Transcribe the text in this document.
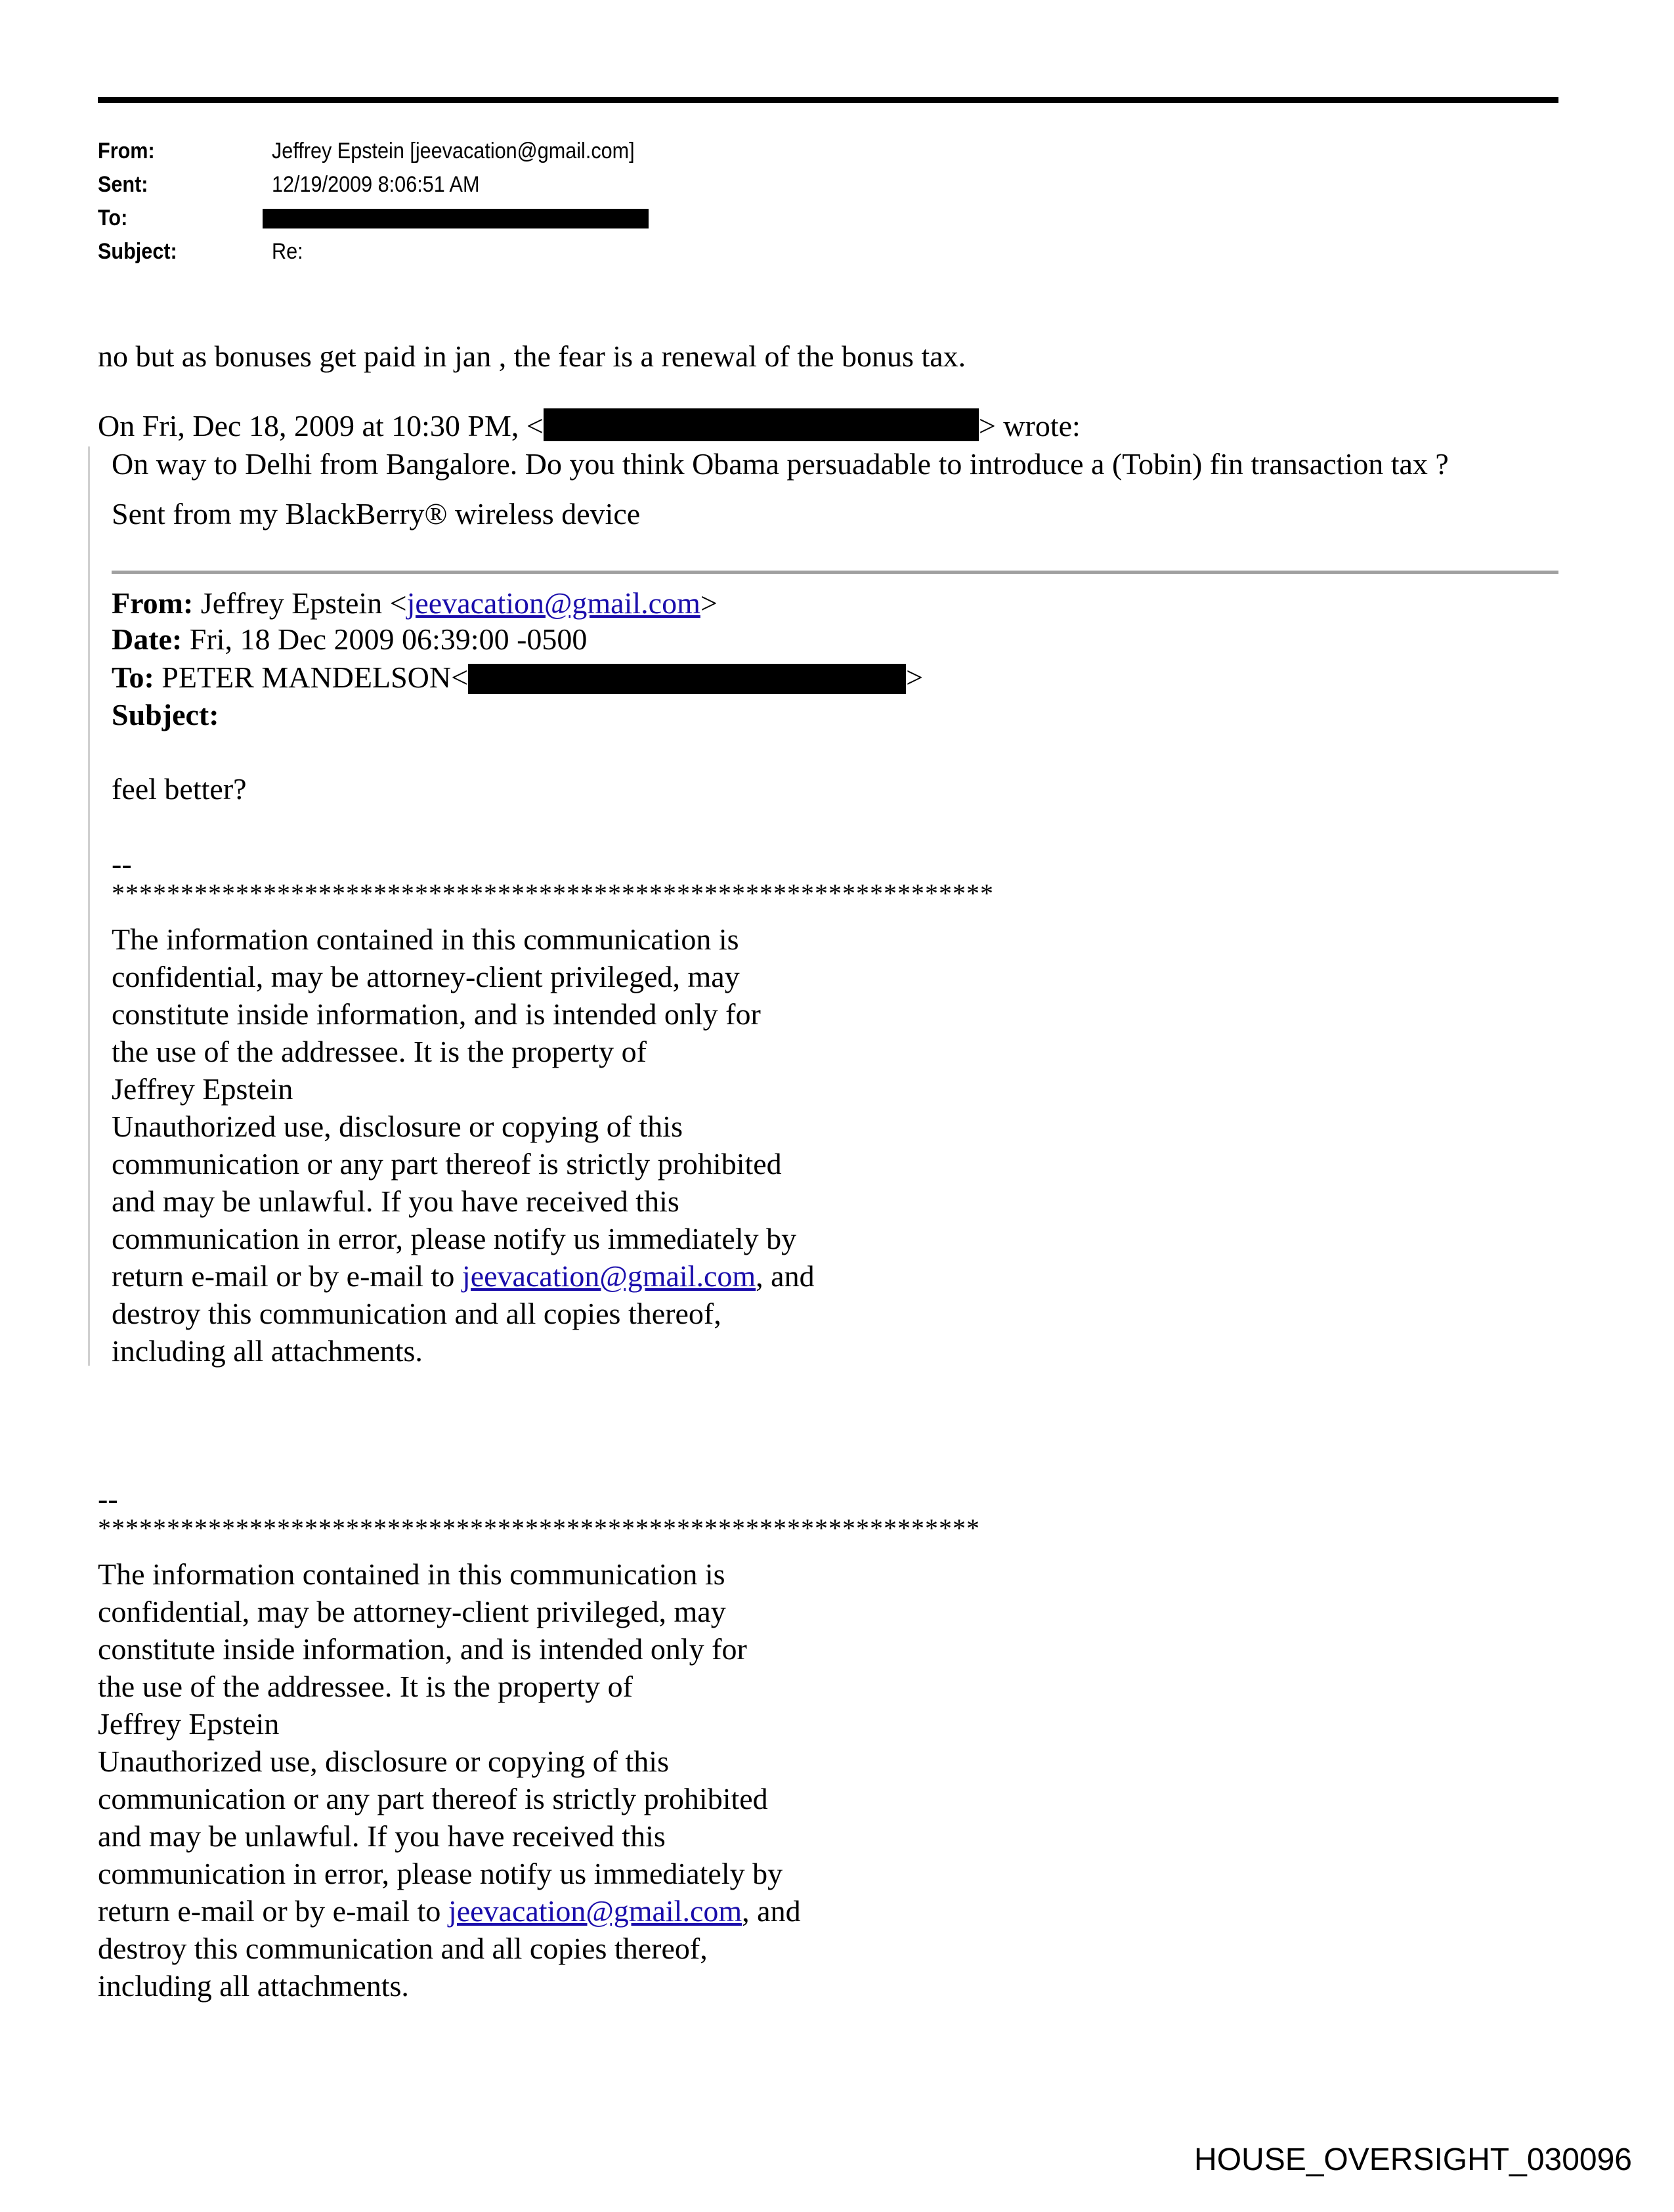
From:	Jeffrey Epstein [jeevacation@gmail.com]
Sent:	12/19/2009 8:06:51 AM
To:
Subject:	Re:
no but as bonuses get paid in jan , the fear is a renewal of the bonus tax.
On Fri, Dec 18, 2009 at 10:30 PM, <	> wrote:
On way to Delhi from Bangalore. Do you think Obama persuadable to introduce a (Tobin) fin transaction tax ?
Sent from my BlackBerry® wireless device
From: Jeffrey Epstein <jeevacation@gmail.com>
Date: Fri, 18 Dec 2009 06:39:00 -0500
To: PETER MANDELSON<	>
Subject:
feel better?
--
****************************************************************
The information contained in this communication is
confidential, may be attorney-client privileged, may
constitute inside information, and is intended only for
the use of the addressee. It is the property of
Jeffrey Epstein
Unauthorized use, disclosure or copying of this
communication or any part thereof is strictly prohibited
and may be unlawful. If you have received this
communication in error, please notify us immediately by
return e-mail or by e-mail to jeevacation@gmail.com, and
destroy this communication and all copies thereof,
including all attachments.
--
****************************************************************
The information contained in this communication is
confidential, may be attorney-client privileged, may
constitute inside information, and is intended only for
the use of the addressee. It is the property of
Jeffrey Epstein
Unauthorized use, disclosure or copying of this
communication or any part thereof is strictly prohibited
and may be unlawful. If you have received this
communication in error, please notify us immediately by
return e-mail or by e-mail to jeevacation@gmail.com, and
destroy this communication and all copies thereof,
including all attachments.
HOUSE_OVERSIGHT_030096
